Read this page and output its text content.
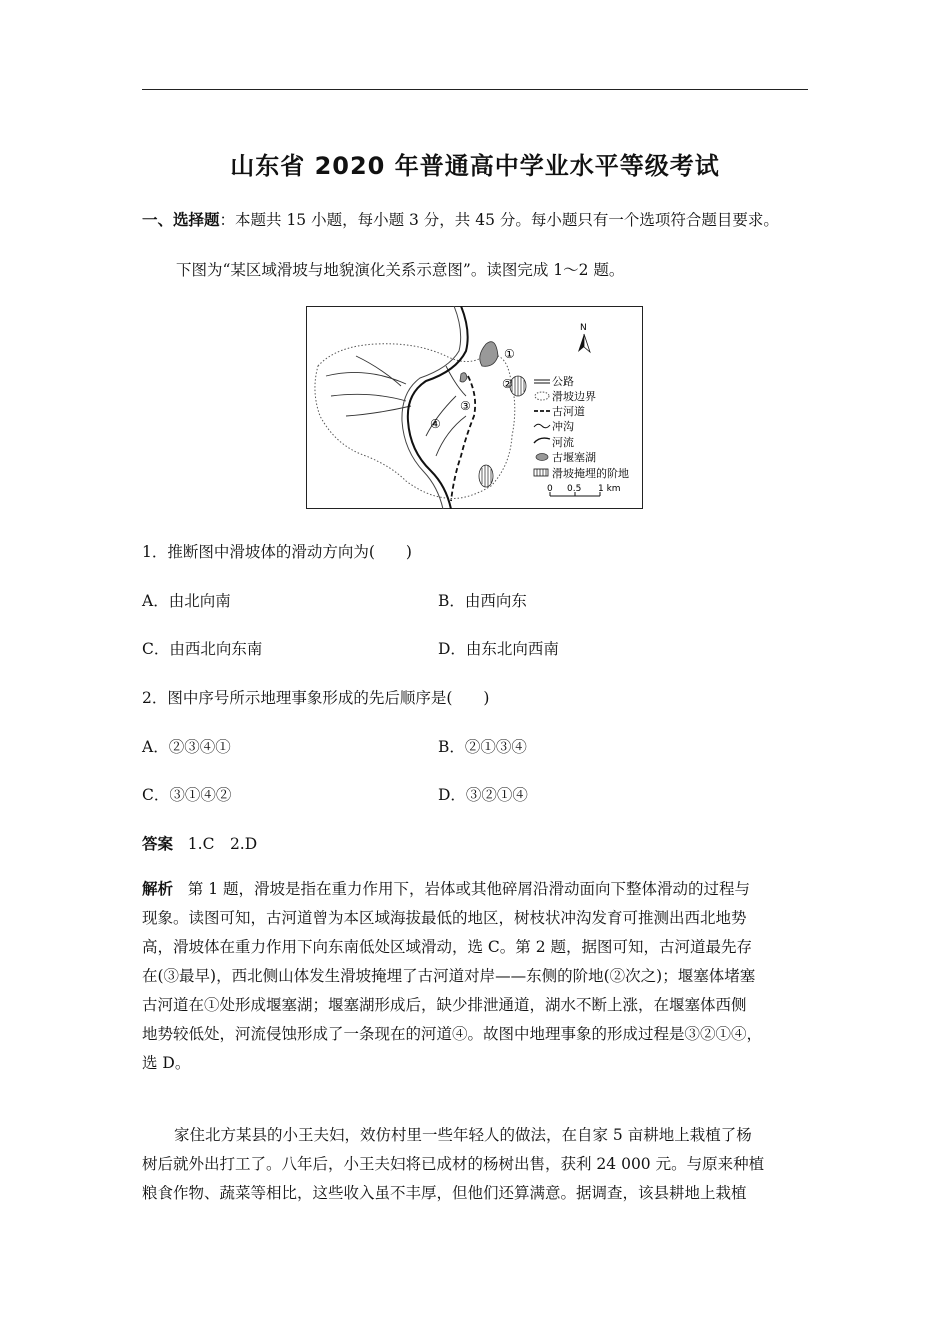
山东省 2020 年普通高中学业水平等级考试
一、选择题：本题共 15 小题，每小题 3 分，共 45 分。每小题只有一个选项符合题目要求。
下图为“某区域滑坡与地貌演化关系示意图”。读图完成 1～2 题。
①
②
③
④
N
公路
滑坡边界
古河道
冲沟
河流
古堰塞湖
滑坡掩埋的阶地
0 0.5 1 km
1．推断图中滑坡体的滑动方向为(　　)
A．由北向南	B．由西向东
C．由西北向东南	D．由东北向西南
2．图中序号所示地理事象形成的先后顺序是(　　)
A．②③④①	B．②①③④
C．③①④②	D．③②①④
答案 1.C　2.D
解析 第 1 题，滑坡是指在重力作用下，岩体或其他碎屑沿滑动面向下整体滑动的过程与
现象。读图可知，古河道曾为本区域海拔最低的地区，树枝状冲沟发育可推测出西北地势
高，滑坡体在重力作用下向东南低处区域滑动，选 C。第 2 题，据图可知，古河道最先存
在(③最早)，西北侧山体发生滑坡掩埋了古河道对岸——东侧的阶地(②次之)；堰塞体堵塞
古河道在①处形成堰塞湖；堰塞湖形成后，缺少排泄通道，湖水不断上涨，在堰塞体西侧
地势较低处，河流侵蚀形成了一条现在的河道④。故图中地理事象的形成过程是③②①④，
选 D。
家住北方某县的小王夫妇，效仿村里一些年轻人的做法，在自家 5 亩耕地上栽植了杨
树后就外出打工了。八年后，小王夫妇将已成材的杨树出售，获利 24 000 元。与原来种植
粮食作物、蔬菜等相比，这些收入虽不丰厚，但他们还算满意。据调查，该县耕地上栽植
